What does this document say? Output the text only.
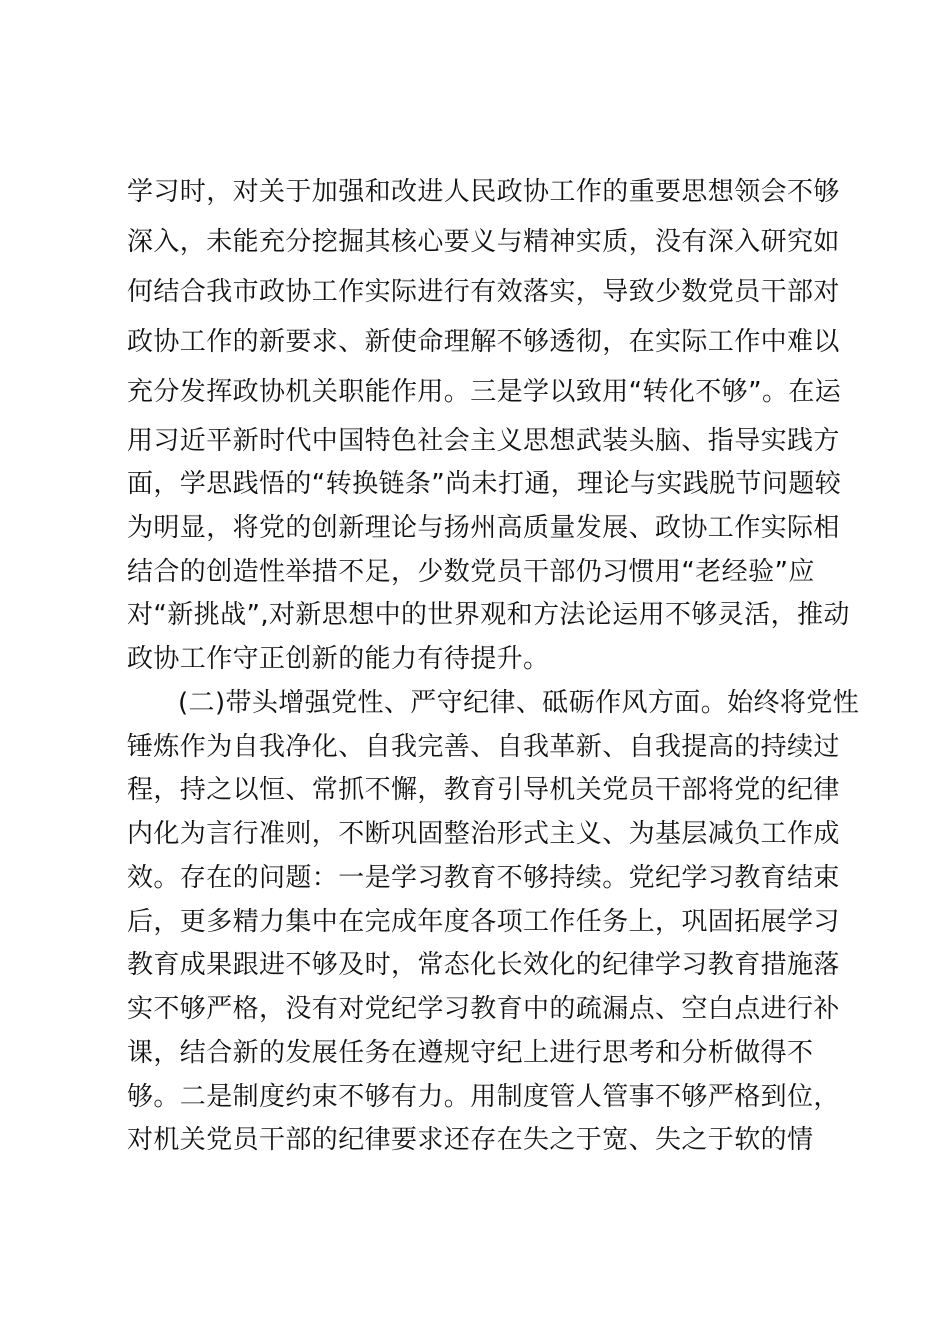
学习时，对关于加强和改进人民政协工作的重要思想领会不够
深入，未能充分挖掘其核心要义与精神实质，没有深入研究如
何结合我市政协工作实际进行有效落实，导致少数党员干部对
政协工作的新要求、新使命理解不够透彻，在实际工作中难以
充分发挥政协机关职能作用。三是学以致用“转化不够”。在运
用习近平新时代中国特色社会主义思想武装头脑、指导实践方
面，学思践悟的“转换链条”尚未打通，理论与实践脱节问题较
为明显，将党的创新理论与扬州高质量发展、政协工作实际相
结合的创造性举措不足，少数党员干部仍习惯用“老经验”应
对“新挑战”,对新思想中的世界观和方法论运用不够灵活，推动
政协工作守正创新的能力有待提升。
(二)带头增强党性、严守纪律、砥砺作风方面。始终将党性
锤炼作为自我净化、自我完善、自我革新、自我提高的持续过
程，持之以恒、常抓不懈，教育引导机关党员干部将党的纪律
内化为言行准则，不断巩固整治形式主义、为基层减负工作成
效。存在的问题：一是学习教育不够持续。党纪学习教育结束
后，更多精力集中在完成年度各项工作任务上，巩固拓展学习
教育成果跟进不够及时，常态化长效化的纪律学习教育措施落
实不够严格，没有对党纪学习教育中的疏漏点、空白点进行补
课，结合新的发展任务在遵规守纪上进行思考和分析做得不
够。二是制度约束不够有力。用制度管人管事不够严格到位，
对机关党员干部的纪律要求还存在失之于宽、失之于软的情
